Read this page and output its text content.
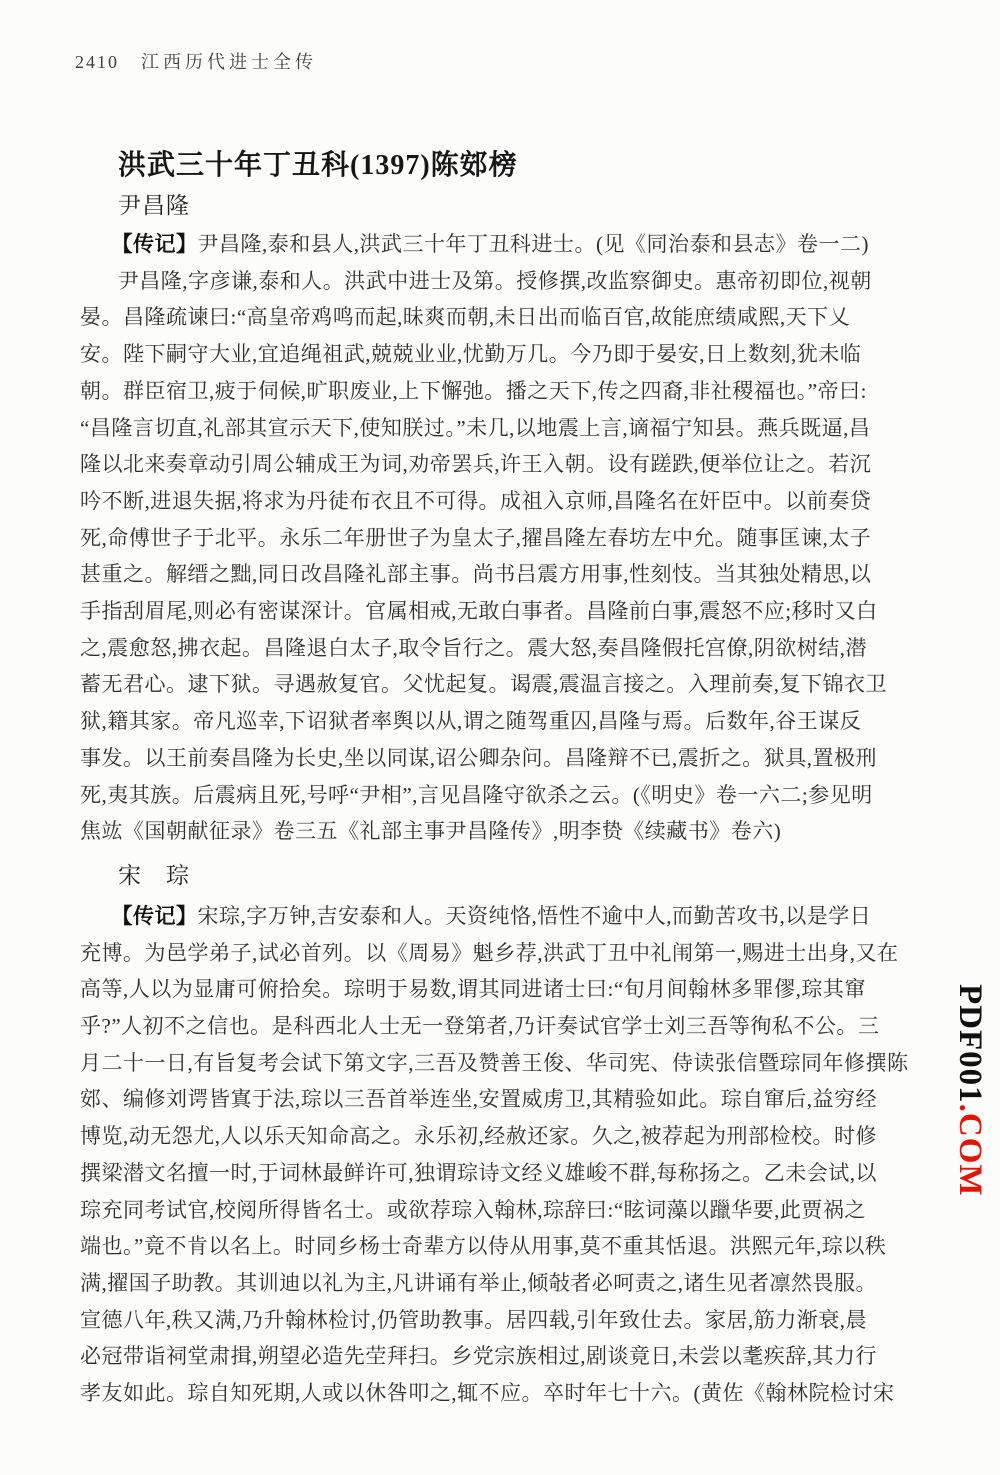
2410 江西历代进士全传
洪武三十年丁丑科(1397)陈䢿榜
尹昌隆
【传记】尹昌隆,泰和县人,洪武三十年丁丑科进士。(见《同治泰和县志》卷一二)
尹昌隆,字彦谦,泰和人。洪武中进士及第。授修撰,改监察御史。惠帝初即位,视朝
晏。昌隆疏谏曰:“高皇帝鸡鸣而起,昧爽而朝,未日出而临百官,故能庶绩咸熙,天下乂
安。陛下嗣守大业,宜追绳祖武,兢兢业业,忧勤万几。今乃即于晏安,日上数刻,犹未临
朝。群臣宿卫,疲于伺候,旷职废业,上下懈弛。播之天下,传之四裔,非社稷福也。”帝曰:
“昌隆言切直,礼部其宣示天下,使知朕过。”未几,以地震上言,谪福宁知县。燕兵既逼,昌
隆以北来奏章动引周公辅成王为词,劝帝罢兵,许王入朝。设有蹉跌,便举位让之。若沉
吟不断,进退失据,将求为丹徒布衣且不可得。成祖入京师,昌隆名在奸臣中。以前奏贷
死,命傅世子于北平。永乐二年册世子为皇太子,擢昌隆左春坊左中允。随事匡谏,太子
甚重之。解缙之黜,同日改昌隆礼部主事。尚书吕震方用事,性刻忮。当其独处精思,以
手指刮眉尾,则必有密谋深计。官属相戒,无敢白事者。昌隆前白事,震怒不应;移时又白
之,震愈怒,拂衣起。昌隆退白太子,取令旨行之。震大怒,奏昌隆假托宫僚,阴欲树结,潜
蓄无君心。逮下狱。寻遇赦复官。父忧起复。谒震,震温言接之。入理前奏,复下锦衣卫
狱,籍其家。帝凡巡幸,下诏狱者率舆以从,谓之随驾重囚,昌隆与焉。后数年,谷王谋反
事发。以王前奏昌隆为长史,坐以同谋,诏公卿杂问。昌隆辩不已,震折之。狱具,置极刑
死,夷其族。后震病且死,号呼“尹相”,言见昌隆守欲杀之云。(《明史》卷一六二;参见明
焦竑《国朝献征录》卷三五《礼部主事尹昌隆传》,明李贽《续藏书》卷六)
宋　琮
【传记】宋琮,字万钟,吉安泰和人。天资纯恪,悟性不逾中人,而勤苦攻书,以是学日
充博。为邑学弟子,试必首列。以《周易》魁乡荐,洪武丁丑中礼闱第一,赐进士出身,又在
高等,人以为显庸可俯拾矣。琮明于易数,谓其同进诸士曰:“旬月间翰林多罪僇,琮其窜
乎?”人初不之信也。是科西北人士无一登第者,乃讦奏试官学士刘三吾等徇私不公。三
月二十一日,有旨复考会试下第文字,三吾及赞善王俊、华司宪、侍读张信暨琮同年修撰陈
䢿、编修刘谔皆寘于法,琮以三吾首举连坐,安置威虏卫,其精验如此。琮自窜后,益穷经
博览,动无怨尤,人以乐天知命高之。永乐初,经赦还家。久之,被荐起为刑部检校。时修
撰梁潜文名擅一时,于词林最鲜许可,独谓琮诗文经义雄峻不群,每称扬之。乙未会试,以
琮充同考试官,校阅所得皆名士。或欲荐琮入翰林,琮辞曰:“眩词藻以躐华要,此贾祸之
端也。”竟不肯以名上。时同乡杨士奇辈方以侍从用事,莫不重其恬退。洪熙元年,琮以秩
满,擢国子助教。其训迪以礼为主,凡讲诵有举止,倾敧者必呵责之,诸生见者凛然畏服。
宣德八年,秩又满,乃升翰林检讨,仍管助教事。居四载,引年致仕去。家居,筋力渐衰,晨
必冠带诣祠堂肃揖,朔望必造先茔拜扫。乡党宗族相过,剧谈竟日,未尝以耄疾辞,其力行
孝友如此。琮自知死期,人或以休咎叩之,辄不应。卒时年七十六。(黄佐《翰林院检讨宋
PDF001.COM
